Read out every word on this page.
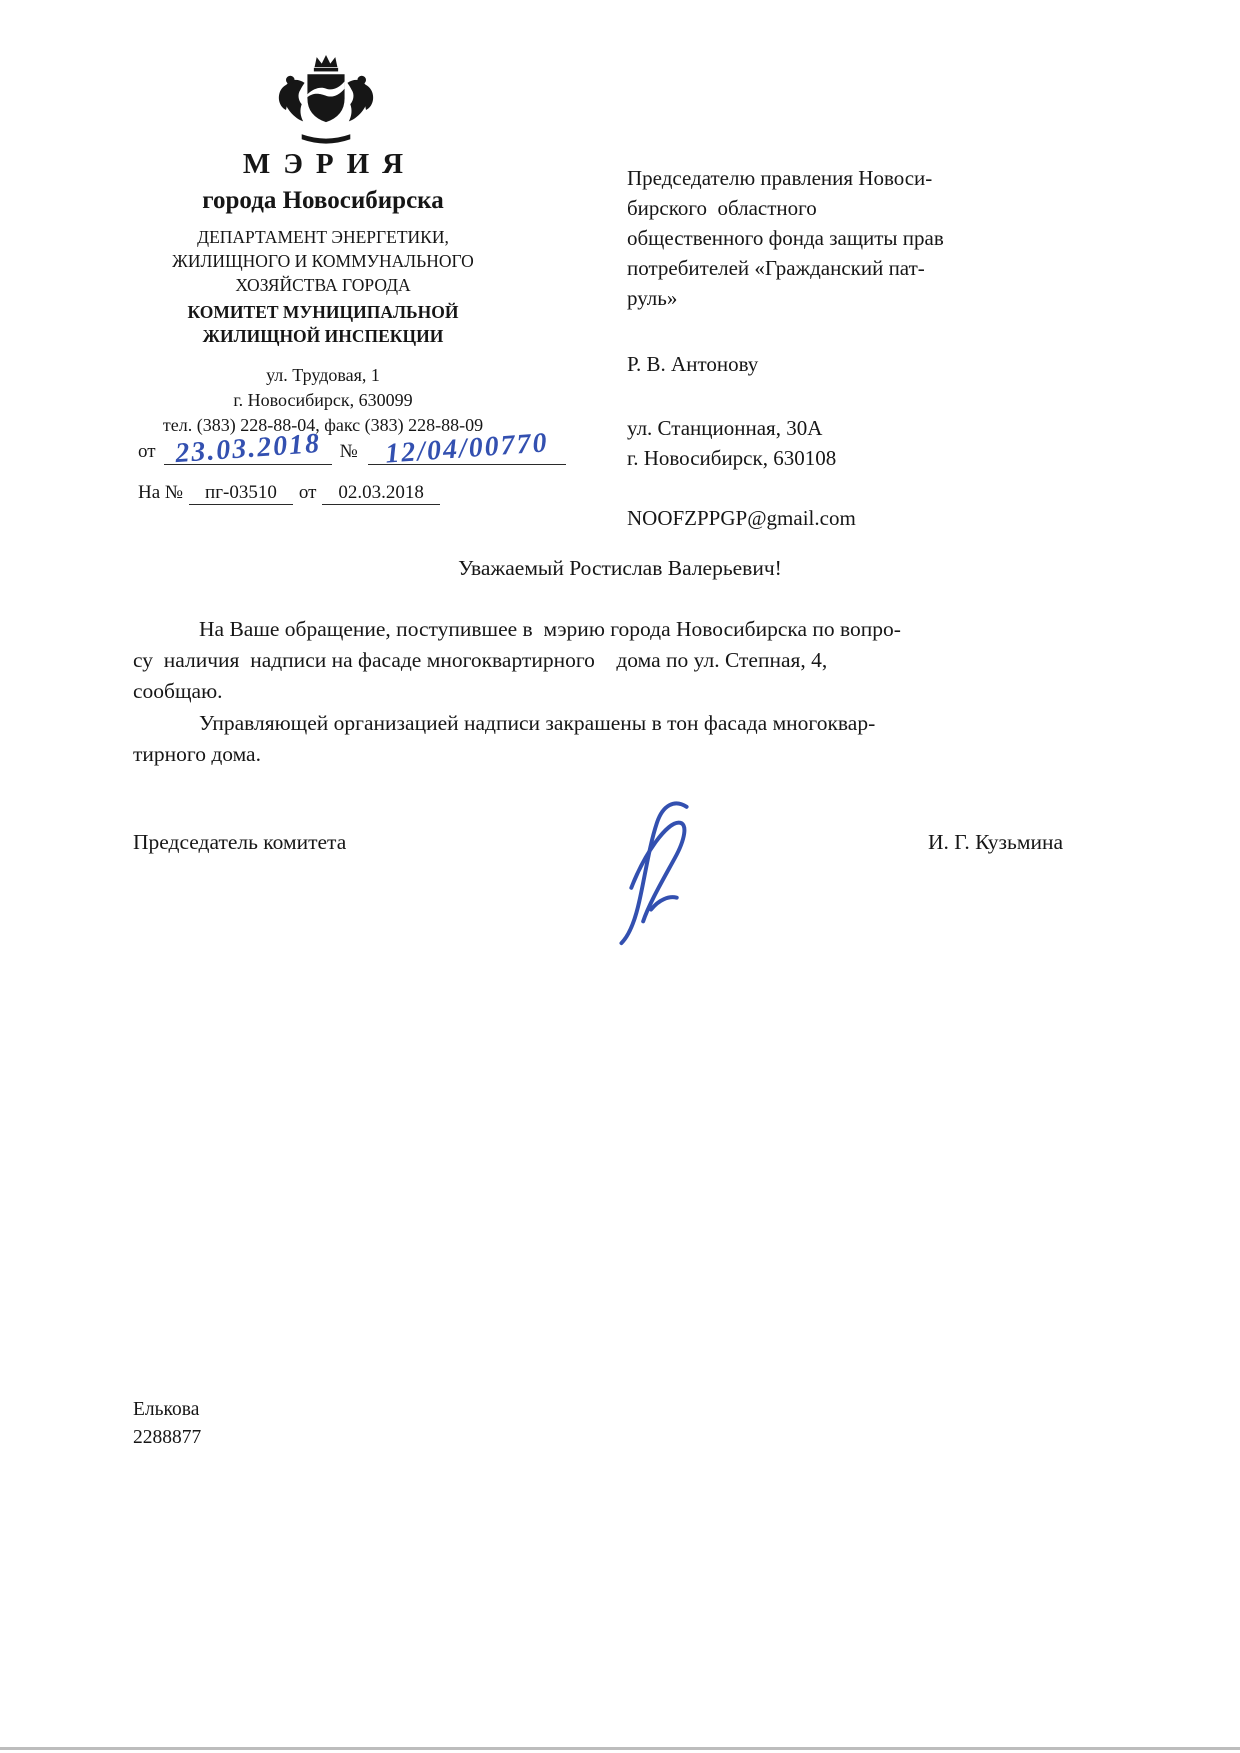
МЭРИЯ
города Новосибирска
ДЕПАРТАМЕНТ ЭНЕРГЕТИКИ,
ЖИЛИЩНОГО И КОММУНАЛЬНОГО
ХОЗЯЙСТВА ГОРОДА
КОМИТЕТ МУНИЦИПАЛЬНОЙ
ЖИЛИЩНОЙ ИНСПЕКЦИИ
ул. Трудовая, 1
г. Новосибирск, 630099
тел. (383) 228-88-04, факс (383) 228-88-09
от 23.03.2018 № 12/04/00770
На №	пг-03510	от	02.03.2018
Председателю правления Новоси-
бирского  областного
общественного фонда защиты прав
потребителей «Гражданский пат-
руль»
Р. В. Антонову
ул. Станционная, 30А
г. Новосибирск, 630108
NOOFZPPGP@gmail.com
Уважаемый Ростислав Валерьевич!
На Ваше обращение, поступившее в  мэрию города Новосибирска по вопро-
су  наличия  надписи на фасаде многоквартирного    дома по ул. Степная, 4,
сообщаю.
Управляющей организацией надписи закрашены в тон фасада многоквар-
тирного дома.
Председатель комитета	И. Г. Кузьмина
Елькова
2288877
